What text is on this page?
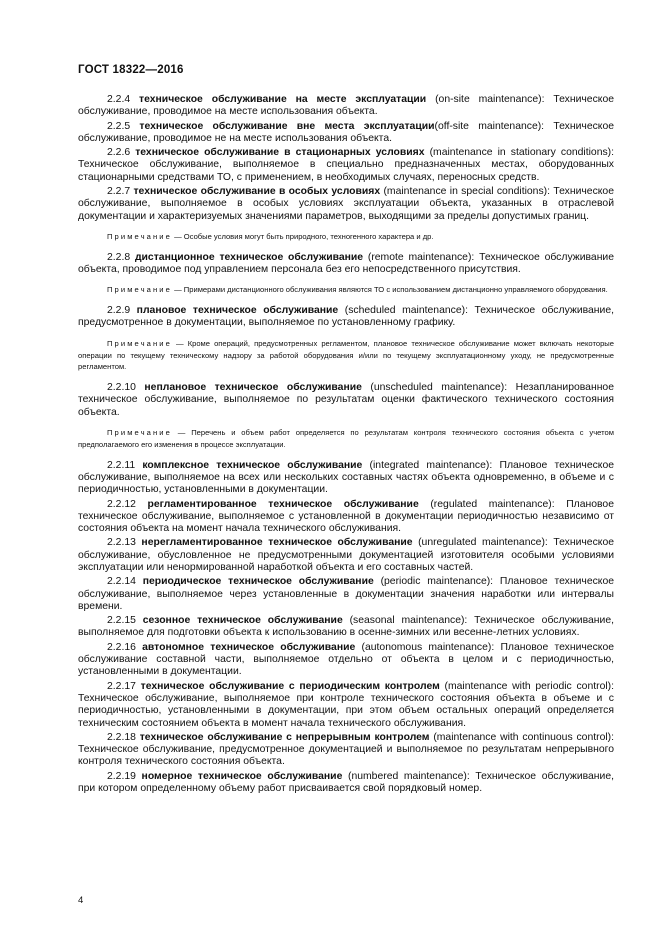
ГОСТ 18322—2016

2.2.4 техническое обслуживание на месте эксплуатации (on-site maintenance): Техническое обслуживание, проводимое на месте использования объекта.

2.2.5 техническое обслуживание вне места эксплуатации(off-site maintenance): Техническое обслуживание, проводимое не на месте использования объекта.

2.2.6 техническое обслуживание в стационарных условиях (maintenance in stationary conditions): Техническое обслуживание, выполняемое в специально предназначенных местах, оборудованных стационарными средствами ТО, с применением, в необходимых случаях, переносных средств.

2.2.7 техническое обслуживание в особых условиях (maintenance in special conditions): Техническое обслуживание, выполняемое в особых условиях эксплуатации объекта, указанных в отраслевой документации и характеризуемых значениями параметров, выходящими за пределы допустимых границ.

Примечание — Особые условия могут быть природного, техногенного характера и др.

2.2.8 дистанционное техническое обслуживание (remote maintenance): Техническое обслуживание объекта, проводимое под управлением персонала без его непосредственного присутствия.

Примечание — Примерами дистанционного обслуживания являются ТО с использованием дистанционно управляемого оборудования.

2.2.9 плановое техническое обслуживание (scheduled maintenance): Техническое обслуживание, предусмотренное в документации, выполняемое по установленному графику.

Примечание — Кроме операций, предусмотренных регламентом, плановое техническое обслуживание может включать некоторые операции по текущему техническому надзору за работой оборудования и/или по текущему эксплуатационному уходу, не предусмотренные регламентом.

2.2.10 неплановое техническое обслуживание (unscheduled maintenance): Незапланированное техническое обслуживание, выполняемое по результатам оценки фактического технического состояния объекта.

Примечание — Перечень и объем работ определяется по результатам контроля технического состояния объекта с учетом предполагаемого его изменения в процессе эксплуатации.

2.2.11 комплексное техническое обслуживание (integrated maintenance): Плановое техническое обслуживание, выполняемое на всех или нескольких составных частях объекта одновременно, в объеме и с периодичностью, установленными в документации.

2.2.12 регламентированное техническое обслуживание (regulated maintenance): Плановое техническое обслуживание, выполняемое с установленной в документации периодичностью независимо от состояния объекта на момент начала технического обслуживания.

2.2.13 нерегламентированное техническое обслуживание (unregulated maintenance): Техническое обслуживание, обусловленное не предусмотренными документацией изготовителя особыми условиями эксплуатации или ненормированной наработкой объекта и его составных частей.

2.2.14 периодическое техническое обслуживание (periodic maintenance): Плановое техническое обслуживание, выполняемое через установленные в документации значения наработки или интервалы времени.

2.2.15 сезонное техническое обслуживание (seasonal maintenance): Техническое обслуживание, выполняемое для подготовки объекта к использованию в осенне-зимних или весенне-летних условиях.

2.2.16 автономное техническое обслуживание (autonomous maintenance): Плановое техническое обслуживание составной части, выполняемое отдельно от объекта в целом и с периодичностью, установленными в документации.

2.2.17 техническое обслуживание с периодическим контролем (maintenance with periodic control): Техническое обслуживание, выполняемое при контроле технического состояния объекта в объеме и с периодичностью, установленными в документации, при этом объем остальных операций определяется техническим состоянием объекта в момент начала технического обслуживания.

2.2.18 техническое обслуживание с непрерывным контролем (maintenance with continuous control): Техническое обслуживание, предусмотренное документацией и выполняемое по результатам непрерывного контроля технического состояния объекта.

2.2.19 номерное техническое обслуживание (numbered maintenance): Техническое обслуживание, при котором определенному объему работ присваивается свой порядковый номер.

4
